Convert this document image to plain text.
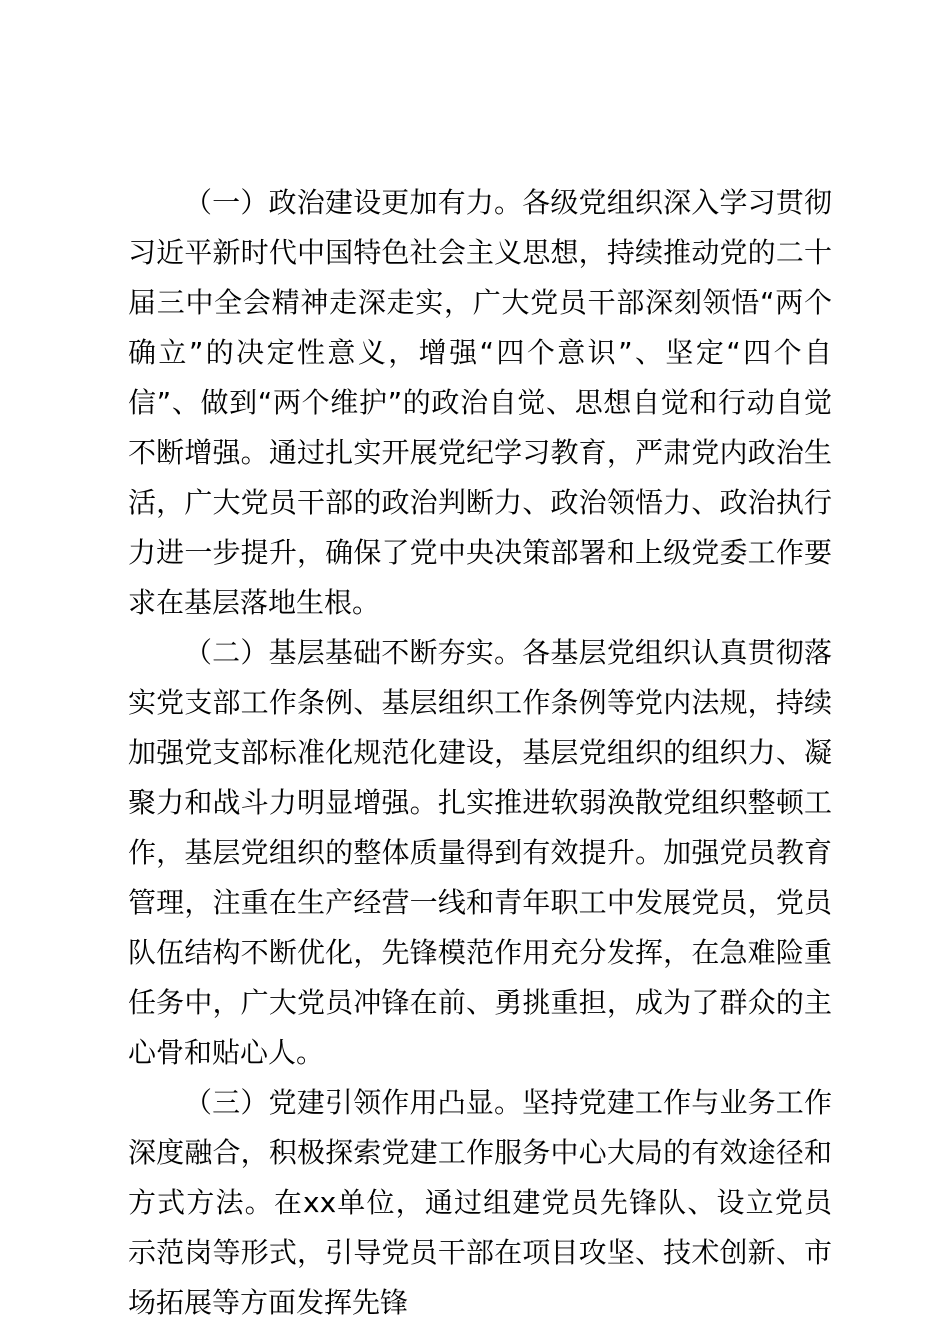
（一）政治建设更加有力。各级党组织深入学习贯彻习近平新时代中国特色社会主义思想，持续推动党的二十届三中全会精神走深走实，广大党员干部深刻领悟“两个确立”的决定性意义，增强“四个意识”、坚定“四个自信”、做到“两个维护”的政治自觉、思想自觉和行动自觉不断增强。通过扎实开展党纪学习教育，严肃党内政治生活，广大党员干部的政治判断力、政治领悟力、政治执行力进一步提升，确保了党中央决策部署和上级党委工作要求在基层落地生根。

（二）基层基础不断夯实。各基层党组织认真贯彻落实党支部工作条例、基层组织工作条例等党内法规，持续加强党支部标准化规范化建设，基层党组织的组织力、凝聚力和战斗力明显增强。扎实推进软弱涣散党组织整顿工作，基层党组织的整体质量得到有效提升。加强党员教育管理，注重在生产经营一线和青年职工中发展党员，党员队伍结构不断优化，先锋模范作用充分发挥，在急难险重任务中，广大党员冲锋在前、勇挑重担，成为了群众的主心骨和贴心人。

（三）党建引领作用凸显。坚持党建工作与业务工作深度融合，积极探索党建工作服务中心大局的有效途径和方式方法。在xx单位，通过组建党员先锋队、设立党员示范岗等形式，引导党员干部在项目攻坚、技术创新、市场拓展等方面发挥先锋
